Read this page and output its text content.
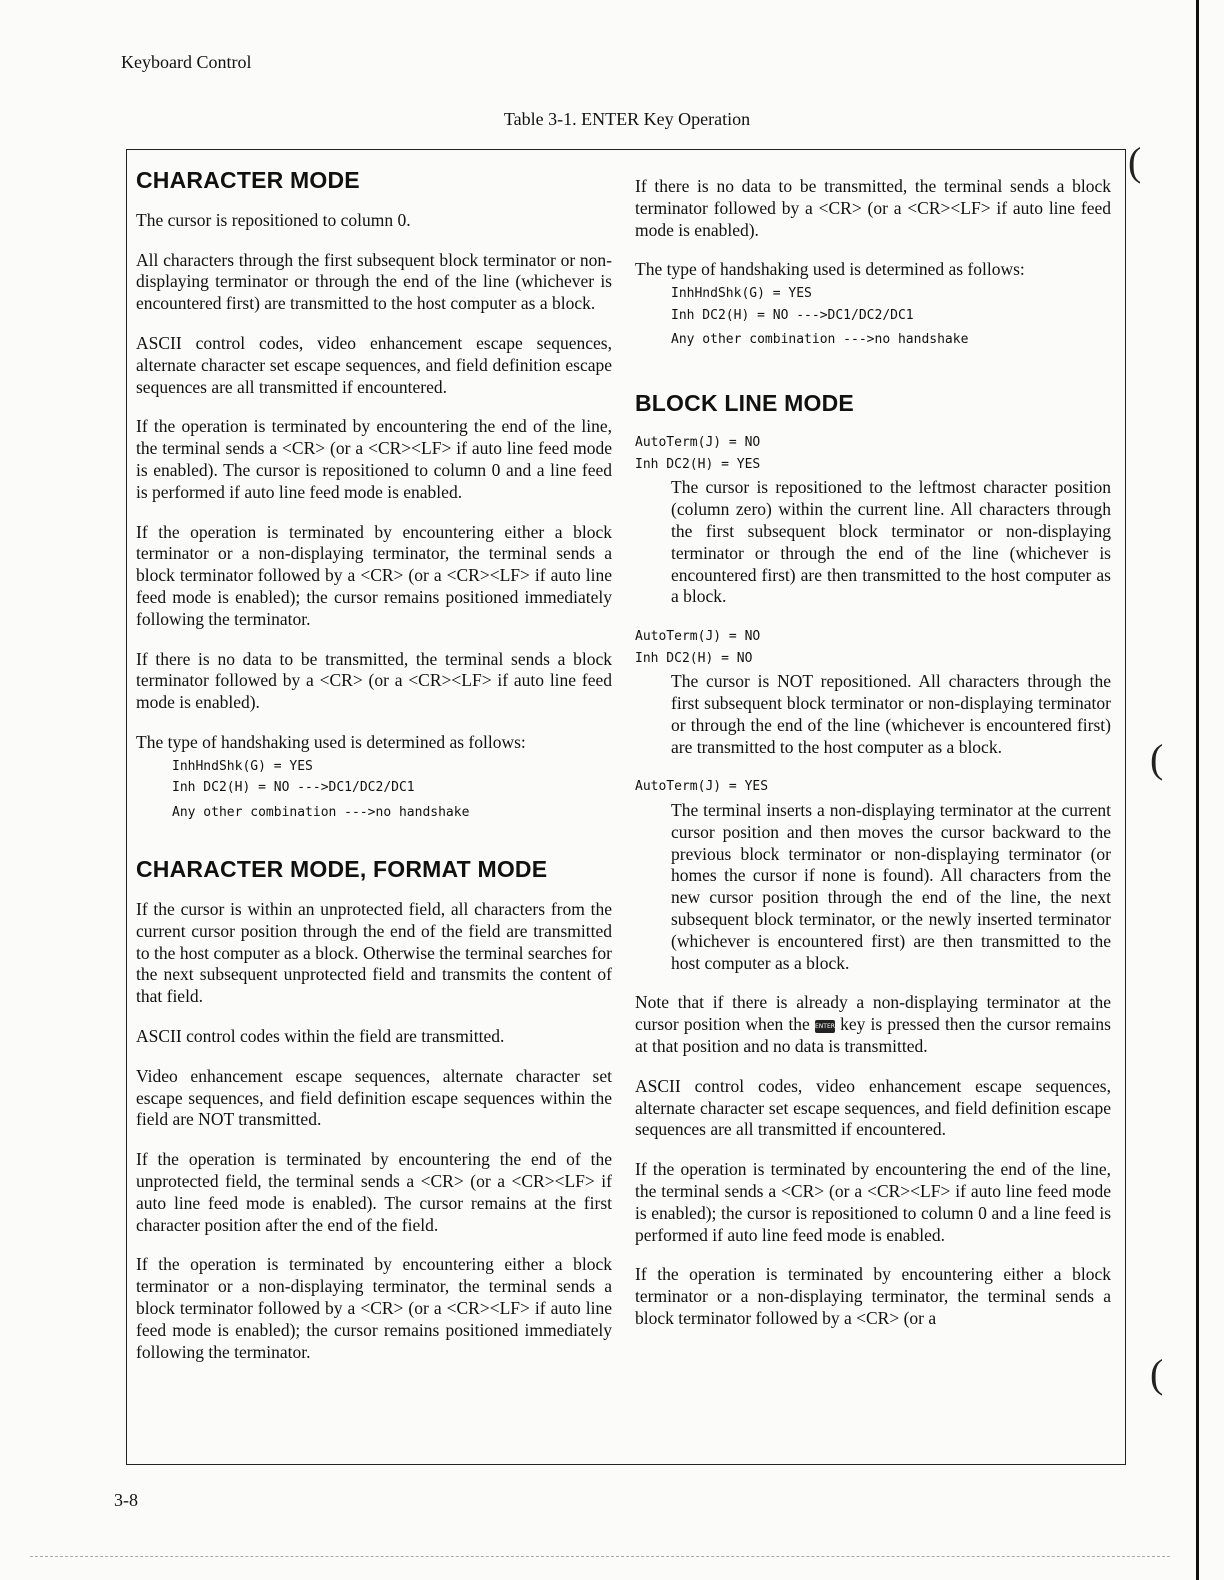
(
(
(
Keyboard Control
Table 3-1. ENTER Key Operation
CHARACTER MODE

The cursor is repositioned to column 0.

All characters through the first subsequent block terminator or non-displaying terminator or through the end of the line (whichever is encountered first) are transmitted to the host computer as a block.

ASCII control codes, video enhancement escape sequences, alternate character set escape sequences, and field definition escape sequences are all transmitted if encountered.

If the operation is terminated by encountering the end of the line, the terminal sends a <CR> (or a <CR><LF> if auto line feed mode is enabled). The cursor is repositioned to column 0 and a line feed is performed if auto line feed mode is enabled.

If the operation is terminated by encountering either a block terminator or a non-displaying terminator, the terminal sends a block terminator followed by a <CR> (or a <CR><LF> if auto line feed mode is enabled); the cursor remains positioned immediately following the terminator.

If there is no data to be transmitted, the terminal sends a block terminator followed by a <CR> (or a <CR><LF> if auto line feed mode is enabled).

The type of handshaking used is determined as follows:

InhHndShk(G) = YES
Inh DC2(H) = NO --->DC1/DC2/DC1
Any other combination --->no handshake
CHARACTER MODE, FORMAT MODE

If the cursor is within an unprotected field, all characters from the current cursor position through the end of the field are transmitted to the host computer as a block. Otherwise the terminal searches for the next subsequent unprotected field and transmits the content of that field.

ASCII control codes within the field are transmitted.

Video enhancement escape sequences, alternate character set escape sequences, and field definition escape sequences within the field are NOT transmitted.

If the operation is terminated by encountering the end of the unprotected field, the terminal sends a <CR> (or a <CR><LF> if auto line feed mode is enabled). The cursor remains at the first character position after the end of the field.

If the operation is terminated by encountering either a block terminator or a non-displaying terminator, the terminal sends a block terminator followed by a <CR> (or a <CR><LF> if auto line feed mode is enabled); the cursor remains positioned immediately following the terminator.

If there is no data to be transmitted, the terminal sends a block terminator followed by a <CR> (or a <CR><LF> if auto line feed mode is enabled).

The type of handshaking used is determined as follows:

InhHndShk(G) = YES
Inh DC2(H) = NO --->DC1/DC2/DC1
Any other combination --->no handshake
BLOCK LINE MODE
AutoTerm(J) = NO
Inh DC2(H) = YES

The cursor is repositioned to the leftmost character position (column zero) within the current line. All characters through the first subsequent block terminator or non-displaying terminator or through the end of the line (whichever is encountered first) are then transmitted to the host computer as a block.

AutoTerm(J) = NO
Inh DC2(H) = NO

The cursor is NOT repositioned. All characters through the first subsequent block terminator or non-displaying terminator or through the end of the line (whichever is encountered first) are transmitted to the host computer as a block.

AutoTerm(J) = YES

The terminal inserts a non-displaying terminator at the current cursor position and then moves the cursor backward to the previous block terminator or non-displaying terminator (or homes the cursor if none is found). All characters from the new cursor position through the end of the line, the next subsequent block terminator, or the newly inserted terminator (whichever is encountered first) are then transmitted to the host computer as a block.

Note that if there is already a non-displaying terminator at the cursor position when the ENTER key is pressed then the cursor remains at that position and no data is transmitted.

ASCII control codes, video enhancement escape sequences, alternate character set escape sequences, and field definition escape sequences are all transmitted if encountered.

If the operation is terminated by encountering the end of the line, the terminal sends a <CR> (or a <CR><LF> if auto line feed mode is enabled); the cursor is repositioned to column 0 and a line feed is performed if auto line feed mode is enabled.

If the operation is terminated by encountering either a block terminator or a non-displaying terminator, the terminal sends a block terminator followed by a <CR> (or a

3-8
